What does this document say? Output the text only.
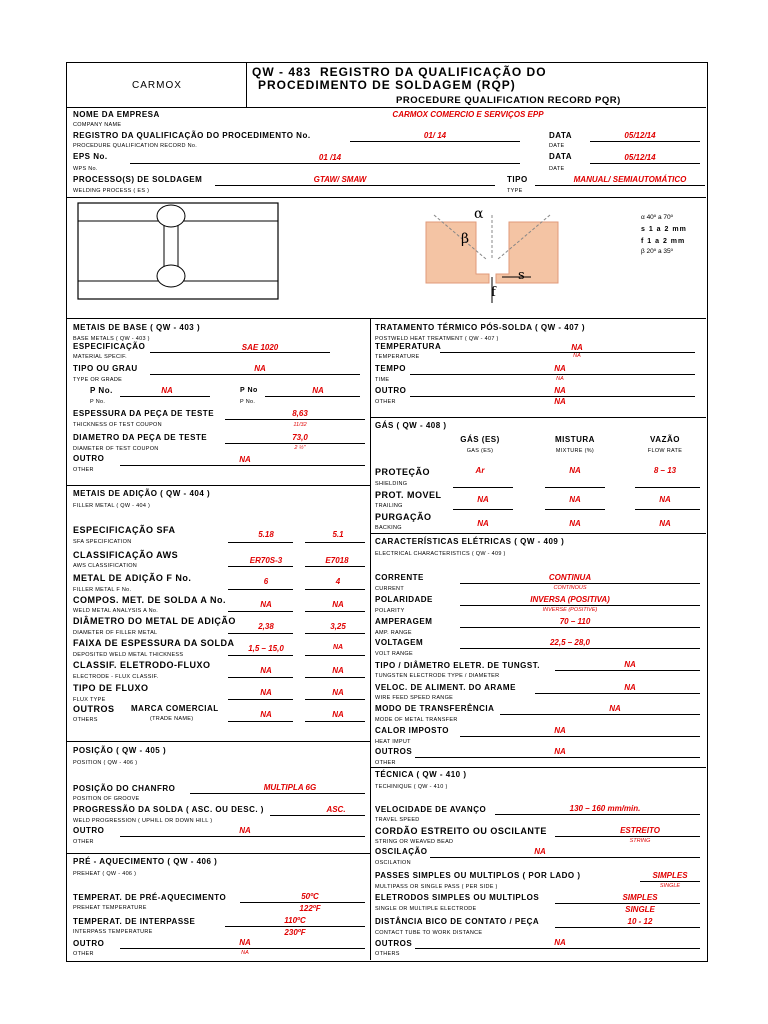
CARMOX
QW - 483 REGISTRO DA QUALIFICAÇÃO DO
PROCEDIMENTO DE SOLDAGEM (RQP)
PROCEDURE QUALIFICATION RECORD PQR)
NOME DA EMPRESA
COMPANY NAME
CARMOX COMERCIO E SERVIÇOS EPP
REGISTRO DA QUALIFICAÇÃO DO PROCEDIMENTO No.
PROCEDURE QUALIFICATION RECORD No.
01/ 14	DATA
DATE
05/12/14
EPS No.
WPS No.
01 /14	DATA
DATE
05/12/14
PROCESSO(S) DE SOLDAGEM
WELDING PROCESS ( ES )
GTAW/ SMAW	TIPO
TYPE
MANUAL/ SEMIAUTOMÁTICO
α
β
s
f
α 40º a 70º
s 1 a 2 mm
f 1 a 2 mm
β 20º a 35º
METAIS DE BASE ( QW - 403 )
BASE METALS ( QW - 403 )
ESPECIFICAÇÃO	SAE 1020
MATERIAL SPECIF.
TIPO OU GRAU	NA
TYPE OR GRADE
P No.	NA
P No.
P No	NA
P No.
ESPESSURA DA PEÇA DE TESTE	8,63
THICKNESS OF TEST COUPON	11/32
DIAMETRO DA PEÇA DE TESTE	73,0
DIAMETER OF TEST COUPON	2 ½"
OUTRO	NA
OTHER
METAIS DE ADIÇÃO ( QW - 404 )
FILLER METAL ( QW - 404 )
ESPECIFICAÇÃO SFA
SFA SPECIFICATION
5.18	5.1
CLASSIFICAÇÃO AWS
AWS CLASSIFICATION
ER70S-3	E7018
METAL DE ADIÇÃO F No.
FILLER METAL F No.
6	4
COMPOS. MET. DE SOLDA A No.
WELD METAL ANALYSIS A No.
NA	NA
DIÂMETRO DO METAL DE ADIÇÃO
DIAMETER OF FILLER METAL
2,38	3,25
FAIXA DE ESPESSURA DA SOLDA
DEPOSITED WELD METAL THICKNESS
1,5 – 15,0	NA
CLASSIF. ELETRODO-FLUXO
ELECTRODE - FLUX CLASSIF.
NA	NA
TIPO DE FLUXO
FLUX TYPE
NA	NA
OUTROS MARCA COMERCIAL
OTHERS	(TRADE NAME)	NA	NA
POSIÇÃO ( QW - 405 )
POSITION ( QW - 406 )
POSIÇÃO DO CHANFRO	MULTIPLA 6G
POSITION OF GROOVE
PROGRESSÃO DA SOLDA ( ASC. OU DESC. )	ASC.
WELD PROGRESSION ( UPHILL OR DOWN HILL )
OUTRO	NA
OTHER
PRÉ - AQUECIMENTO ( QW - 406 )
PREHEAT ( QW - 406 )
TEMPERAT. DE PRÉ-AQUECIMENTO	50ºC
PREHEAT TEMPERATURE	122ºF
TEMPERAT. DE INTERPASSE	110ºC
INTERPASS TEMPERATURE	230ºF
OUTRO	NA
OTHER	NA
TRATAMENTO TÉRMICO PÓS-SOLDA ( QW - 407 )
POSTWELD HEAT TREATMENT ( QW - 407 )
TEMPERATURA	NA
TEMPERATURE	NA
TEMPO	NA
TIME	NA
OUTRO	NA
OTHER	NA
GÁS ( QW - 408 )
GÁS (ES)	MISTURA	VAZÃO
GAS (ES)	MIXTURE (%)	FLOW RATE
PROTEÇÃO
SHIELDING
Ar	NA	8 – 13
PROT. MOVEL
TRAILING
NA	NA	NA
PURGAÇÃO
BACKING	NA	NA	NA
CARACTERÍSTICAS ELÉTRICAS ( QW - 409 )
ELECTRICAL CHARACTERISTICS ( QW - 409 )
CORRENTE	CONTINUA
CURRENT	CONTINOUS
POLARIDADE	INVERSA (POSITIVA)
POLARITY	INVERSE (POSITIVE)
AMPERAGEM	70 – 110
AMP. RANGE
VOLTAGEM	22,5 – 28,0
VOLT RANGE
TIPO / DIÂMETRO ELETR. DE TUNGST.	NA
TUNGSTEN ELECTRODE TYPE / DIAMETER
VELOC. DE ALIMENT. DO ARAME	NA
WIRE FEED SPEED RANGE
MODO DE TRANSFERÊNCIA	NA
MODE OF METAL TRANSFER
CALOR IMPOSTO	NA
HEAT IMPUT
OUTROS	NA
OTHER
TÉCNICA ( QW - 410 )
TECHINIQUE ( QW - 410 )
VELOCIDADE DE AVANÇO	130 – 160 mm/min.
TRAVEL SPEED
CORDÃO ESTREITO OU OSCILANTE	ESTREITO
STRING OR WEAVED BEAD	STRING
OSCILAÇÃO	NA
OSCILATION
PASSES SIMPLES OU MULTIPLOS ( POR LADO )	SIMPLES
MULTIPASS OR SINGLE PASS ( PER SIDE )	SINGLE
ELETRODOS SIMPLES OU MULTIPLOS	SIMPLES
SINGLE OR MULTIPLE ELECTRODE	SINGLE
DISTÂNCIA BICO DE CONTATO / PEÇA	10 - 12
CONTACT TUBE TO WORK DISTANCE
OUTROS	NA
OTHERS
